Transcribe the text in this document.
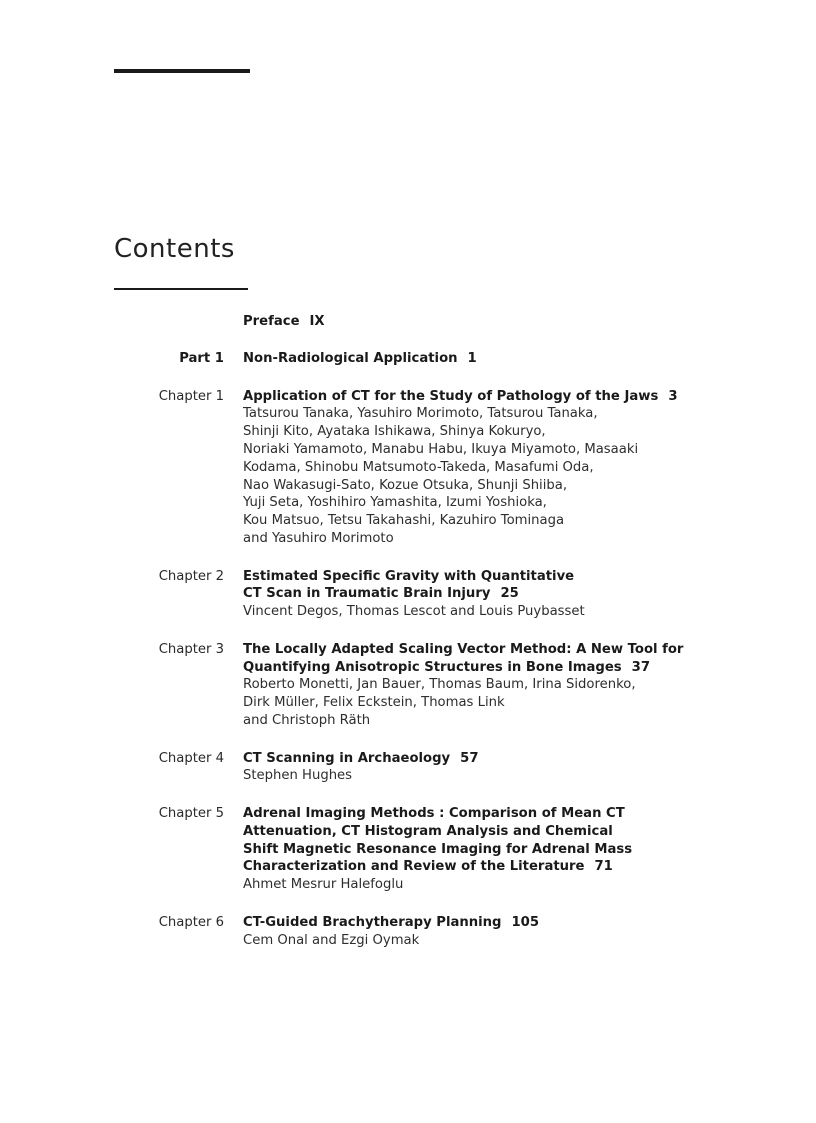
Contents
Preface IX
Part 1	Non-Radiological Application 1
Chapter 1	Application of CT for the Study of Pathology of the Jaws 3
Tatsurou Tanaka, Yasuhiro Morimoto, Tatsurou Tanaka,
Shinji Kito, Ayataka Ishikawa, Shinya Kokuryo,
Noriaki Yamamoto, Manabu Habu, Ikuya Miyamoto, Masaaki
Kodama, Shinobu Matsumoto-Takeda, Masafumi Oda,
Nao Wakasugi-Sato, Kozue Otsuka, Shunji Shiiba,
Yuji Seta, Yoshihiro Yamashita, Izumi Yoshioka,
Kou Matsuo, Tetsu Takahashi, Kazuhiro Tominaga
and Yasuhiro Morimoto
Chapter 2	Estimated Specific Gravity with Quantitative
CT Scan in Traumatic Brain Injury 25
Vincent Degos, Thomas Lescot and Louis Puybasset
Chapter 3	The Locally Adapted Scaling Vector Method: A New Tool for
Quantifying Anisotropic Structures in Bone Images 37
Roberto Monetti, Jan Bauer, Thomas Baum, Irina Sidorenko,
Dirk Müller, Felix Eckstein, Thomas Link
and Christoph Räth
Chapter 4	CT Scanning in Archaeology 57
Stephen Hughes
Chapter 5	Adrenal Imaging Methods : Comparison of Mean CT
Attenuation, CT Histogram Analysis and Chemical
Shift Magnetic Resonance Imaging for Adrenal Mass
Characterization and Review of the Literature 71
Ahmet Mesrur Halefoglu
Chapter 6	CT-Guided Brachytherapy Planning 105
Cem Onal and Ezgi Oymak
